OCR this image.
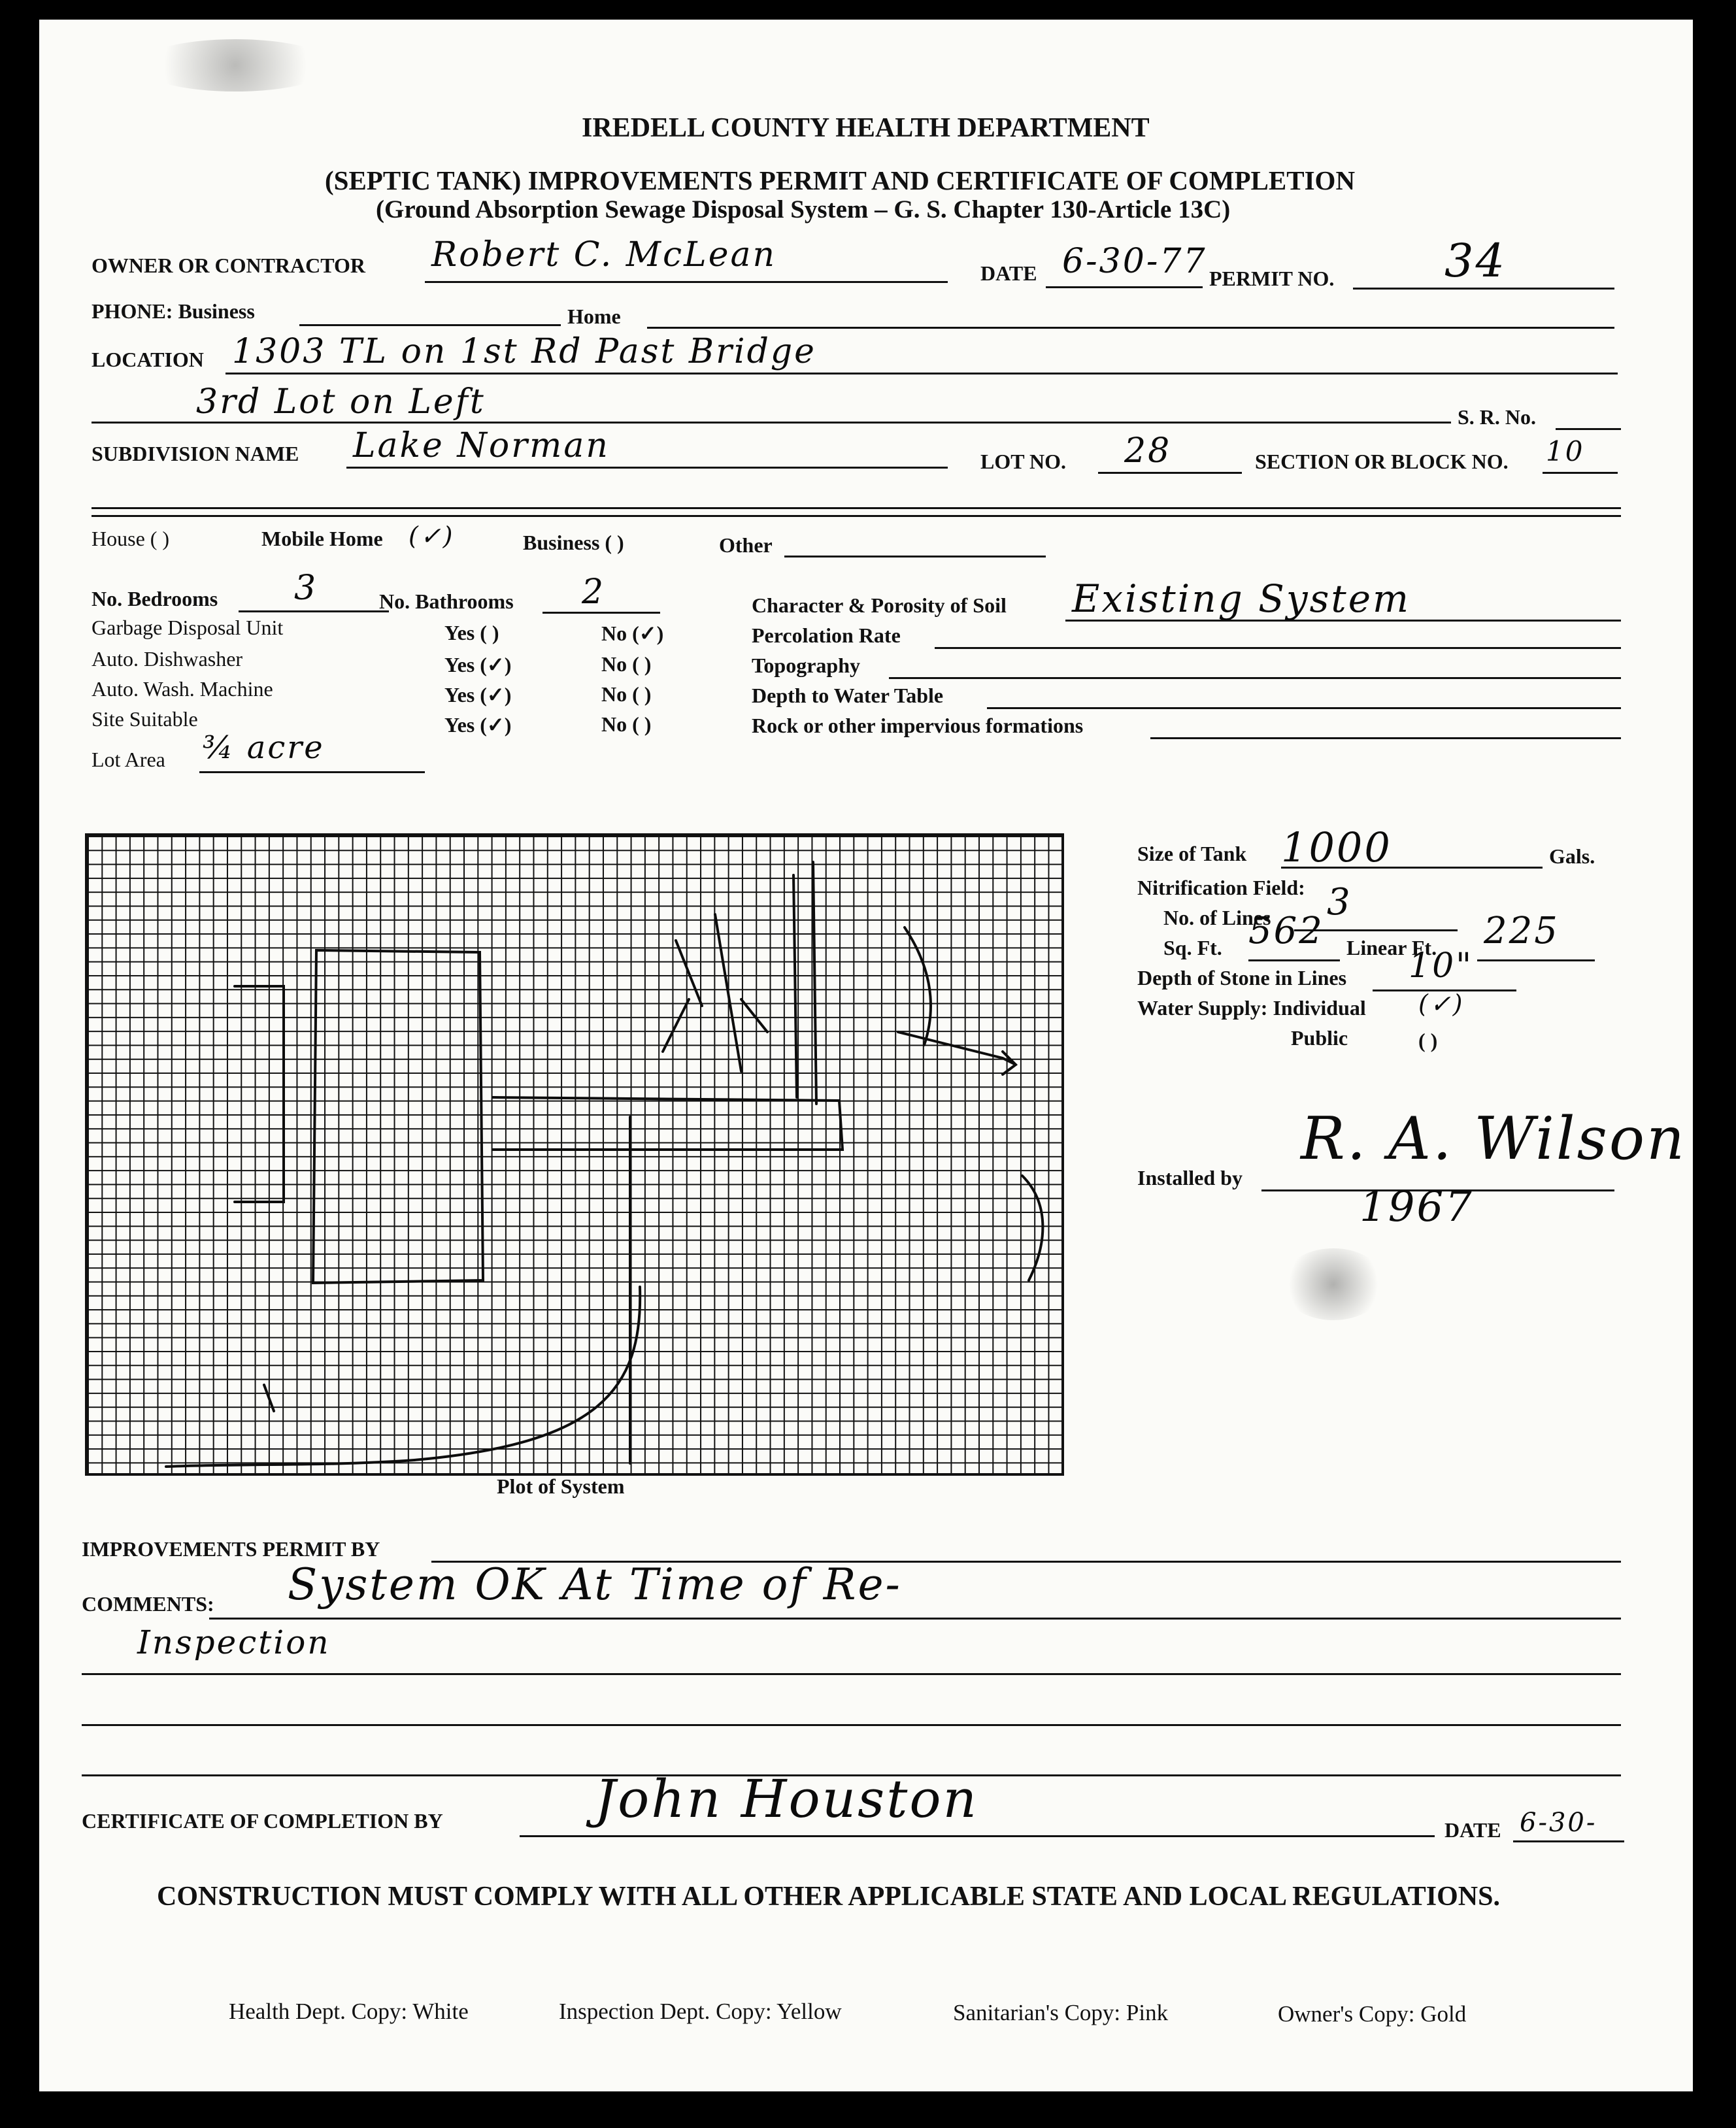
IREDELL COUNTY HEALTH DEPARTMENT
(SEPTIC TANK) IMPROVEMENTS PERMIT AND CERTIFICATE OF COMPLETION
(Ground Absorption Sewage Disposal System – G. S. Chapter 130-Article 13C)
OWNER OR CONTRACTOR Robert C. McLean	DATE 6-30-77 PERMIT NO. 34
PHONE: Business	Home
LOCATION 1303 TL on 1st Rd Past Bridge
3rd Lot on Left	S. R. No.
SUBDIVISION NAME Lake Norman	LOT NO. 28	SECTION OR BLOCK NO. 10
House ( )	Mobile Home (✓)	Business ( )	Other
No. Bedrooms 3	No. Bathrooms 2
Garbage Disposal Unit	Yes ( )	No (✓)
Auto. Dishwasher	Yes (✓)	No ( )
Auto. Wash. Machine	Yes (✓)	No ( )
Site Suitable	Yes (✓)	No ( )
Character & Porosity of Soil Existing System
Percolation Rate
Topography
Depth to Water Table
Rock or other impervious formations
Lot Area ¾ acre
Plot of System
Size of Tank 1000	Gals.
Nitrification Field:
No. of Lines 3
Sq. Ft. 562 Linear Ft. 225
Depth of Stone in Lines 10"
Water Supply: Individual (✓)
Public	( )
Installed by
R. A. Wilson
1967
IMPROVEMENTS PERMIT BY
COMMENTS: System OK At Time of Re-
Inspection
CERTIFICATE OF COMPLETION BY	John Houston
DATE 6-30-
CONSTRUCTION MUST COMPLY WITH ALL OTHER APPLICABLE STATE AND LOCAL REGULATIONS.
Health Dept. Copy: White	Inspection Dept. Copy: Yellow	Sanitarian's Copy: Pink	Owner's Copy: Gold
